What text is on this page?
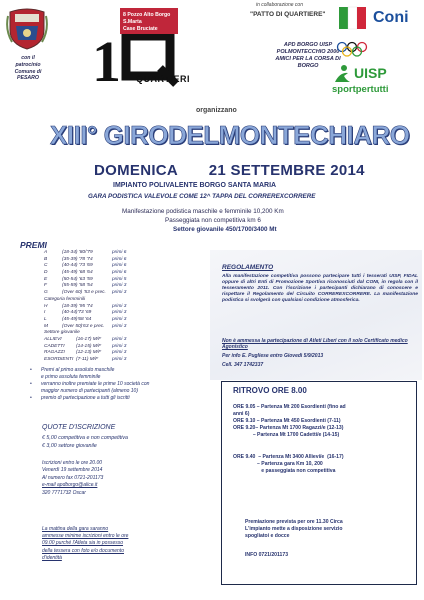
con il
patrocinio
Comune di
PESARO 1
8 Pozzo Alto Borgo S.Marta
Case Bruciate
QUARTIERI
in collaborazione con
"PATTO DI QUARTIERE"
APD BORGO UISP
POLMONTECCHIO 2000
AMICI PER LA CORSA DI
BORGO
Coni
UISP
sportpertutti
organizzano
XIII° GIRODELMONTECHIARO
DOMENICA       21 SETTEMBRE 2014
IMPIANTO POLIVALENTE BORGO SANTA MARIA
GARA PODISTICA VALEVOLE COME 12^ TAPPA DEL CORREREXCORRERE
Manifestazione podistica maschile e femminile 10,200 Km
Passeggiata non competitiva km 6
Settore giovanile 450/1700/3400 Mt
PREMI
A	(18-34) '80/'79	primi 6
B	(35-39) '78 '74	primi 6
C	(40-44) '73 '69	primi 6
D	(45-49) '68 '64	primi 6
E	(50-54) '63 '59	primi 5
F	(55-59) '58 '54	primi 3
G	(Over 60) '53 e prec.	primi 3
Categoria femminili
H	(18-39) '95 '74	primi 3
I	(40-44)'73 '69	primi 3
L	(45-49)'68 '64	primi 3
M	(Over 50)'63 e prec.	primi 3
Settore giovanile
ALLIEVI	(16-17) M/F	primi 3
CADETTI	(14-15) M/F	primi 3
RAGAZZI	(12-13) M/F	primi 3
ESORDIENTI (7-11) M/F	primi 3
REGOLAMENTO
Alla manifestazione competitiva possono partecipare tutti i tesserati UISP, FIDAL oppure di altri Enti di Promozione Sportiva riconosciuti dal CONI, in regola con il tesseramento 2011. Con l'iscrizione i partecipanti dichiarano di conoscere e rispettare il Regolamento del Circuito CORREREXCORRERE. La manifestazione podistica si svolgerà con qualsiasi condizione atmosferica.
Non è ammessa la partecipazione di Atleti Liberi con il solo Certificato medico Agonistico
Per info E. Pugliese entro Giovedì 5/9/2013
Cell. 347 1742337
•	Premi al primo assoluto maschile
e primo assoluta femminile
•	verranno inoltre premiate le prime 10 società con
maggior numero di partecipanti (almeno 10)
•	premio di partecipazione a tutti gli iscritti
QUOTE D'ISCRIZIONE
€ 5,00 competitiva e non competitiva
€ 3,00 settore giovanile
Iscrizioni entro le ore 20.00
Venerdì 19 settembre 2014
Al numero fax 0721-201173
e-mail apdborgo@alice.it
320 7771732 Oscar
La mattina della gara saranno
ammesse minime iscrizioni entro le ore
09.00 purché l'Atleta sia in possesso
della tessera con foto e/o documento
d'identità
RITROVO ORE 8.00
ORE 9.05 – Partenza Mt 200 Esordienti (fino ad
anni 6)
ORE 9.10 – Partenza Mt 450 Esordienti (7-11)
ORE 9.20– Partenza Mt 1700 Ragazzi/e (12-13)
– Partenza Mt 1700 Cadetti/e (14-15)
ORE 9.40  – Partenza Mt 3400 Allievi/e  (16-17)
– Partenza gara Km 10, 200
e passeggiata non competitiva
Premiazione prevista per ore 11.30 Circa
L'impianto mette a disposizione servizio
spogliatoi e docce
INFO 0721/201173
